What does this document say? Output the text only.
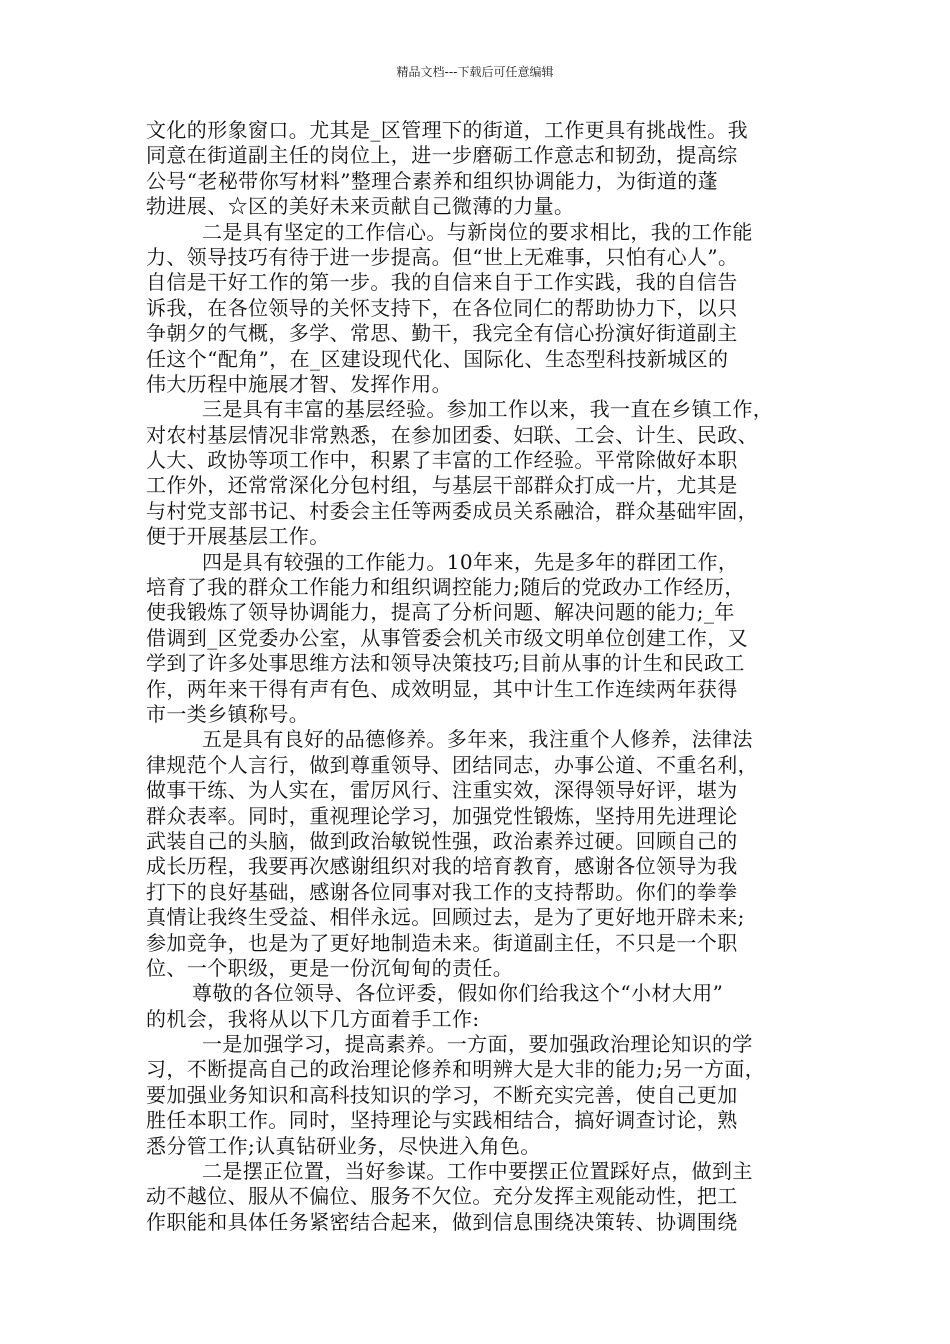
精品文档---下载后可任意编辑
文化的形象窗口。尤其是_区管理下的街道，工作更具有挑战性。我
同意在街道副主任的岗位上，进一步磨砺工作意志和韧劲，提高综
公号“老秘带你写材料”整理合素养和组织协调能力，为街道的蓬
勃进展、☆区的美好未来贡献自己微薄的力量。
二是具有坚定的工作信心。与新岗位的要求相比，我的工作能
力、领导技巧有待于进一步提高。但“世上无难事，只怕有心人”。
自信是干好工作的第一步。我的自信来自于工作实践，我的自信告
诉我，在各位领导的关怀支持下，在各位同仁的帮助协力下，以只
争朝夕的气概，多学、常思、勤干，我完全有信心扮演好街道副主
任这个“配角”，在_区建设现代化、国际化、生态型科技新城区的
伟大历程中施展才智、发挥作用。
三是具有丰富的基层经验。参加工作以来，我一直在乡镇工作，
对农村基层情况非常熟悉，在参加团委、妇联、工会、计生、民政、
人大、政协等项工作中，积累了丰富的工作经验。平常除做好本职
工作外，还常常深化分包村组，与基层干部群众打成一片，尤其是
与村党支部书记、村委会主任等两委成员关系融洽，群众基础牢固，
便于开展基层工作。
四是具有较强的工作能力。10年来，先是多年的群团工作，
培育了我的群众工作能力和组织调控能力;随后的党政办工作经历，
使我锻炼了领导协调能力，提高了分析问题、解决问题的能力;_年
借调到_区党委办公室，从事管委会机关市级文明单位创建工作，又
学到了许多处事思维方法和领导决策技巧;目前从事的计生和民政工
作，两年来干得有声有色、成效明显，其中计生工作连续两年获得
市一类乡镇称号。
五是具有良好的品德修养。多年来，我注重个人修养，法律法
律规范个人言行，做到尊重领导、团结同志，办事公道、不重名利，
做事干练、为人实在，雷厉风行、注重实效，深得领导好评，堪为
群众表率。同时，重视理论学习，加强党性锻炼，坚持用先进理论
武装自己的头脑，做到政治敏锐性强，政治素养过硬。回顾自己的
成长历程，我要再次感谢组织对我的培育教育，感谢各位领导为我
打下的良好基础，感谢各位同事对我工作的支持帮助。你们的拳拳
真情让我终生受益、相伴永远。回顾过去，是为了更好地开辟未来;
参加竞争，也是为了更好地制造未来。街道副主任，不只是一个职
位、一个职级，更是一份沉甸甸的责任。
尊敬的各位领导、各位评委，假如你们给我这个“小材大用”
的机会，我将从以下几方面着手工作:
一是加强学习，提高素养。一方面，要加强政治理论知识的学
习，不断提高自己的政治理论修养和明辨大是大非的能力;另一方面，
要加强业务知识和高科技知识的学习，不断充实完善，使自己更加
胜任本职工作。同时，坚持理论与实践相结合，搞好调查讨论，熟
悉分管工作;认真钻研业务，尽快进入角色。
二是摆正位置，当好参谋。工作中要摆正位置踩好点，做到主
动不越位、服从不偏位、服务不欠位。充分发挥主观能动性，把工
作职能和具体任务紧密结合起来，做到信息围绕决策转、协调围绕
